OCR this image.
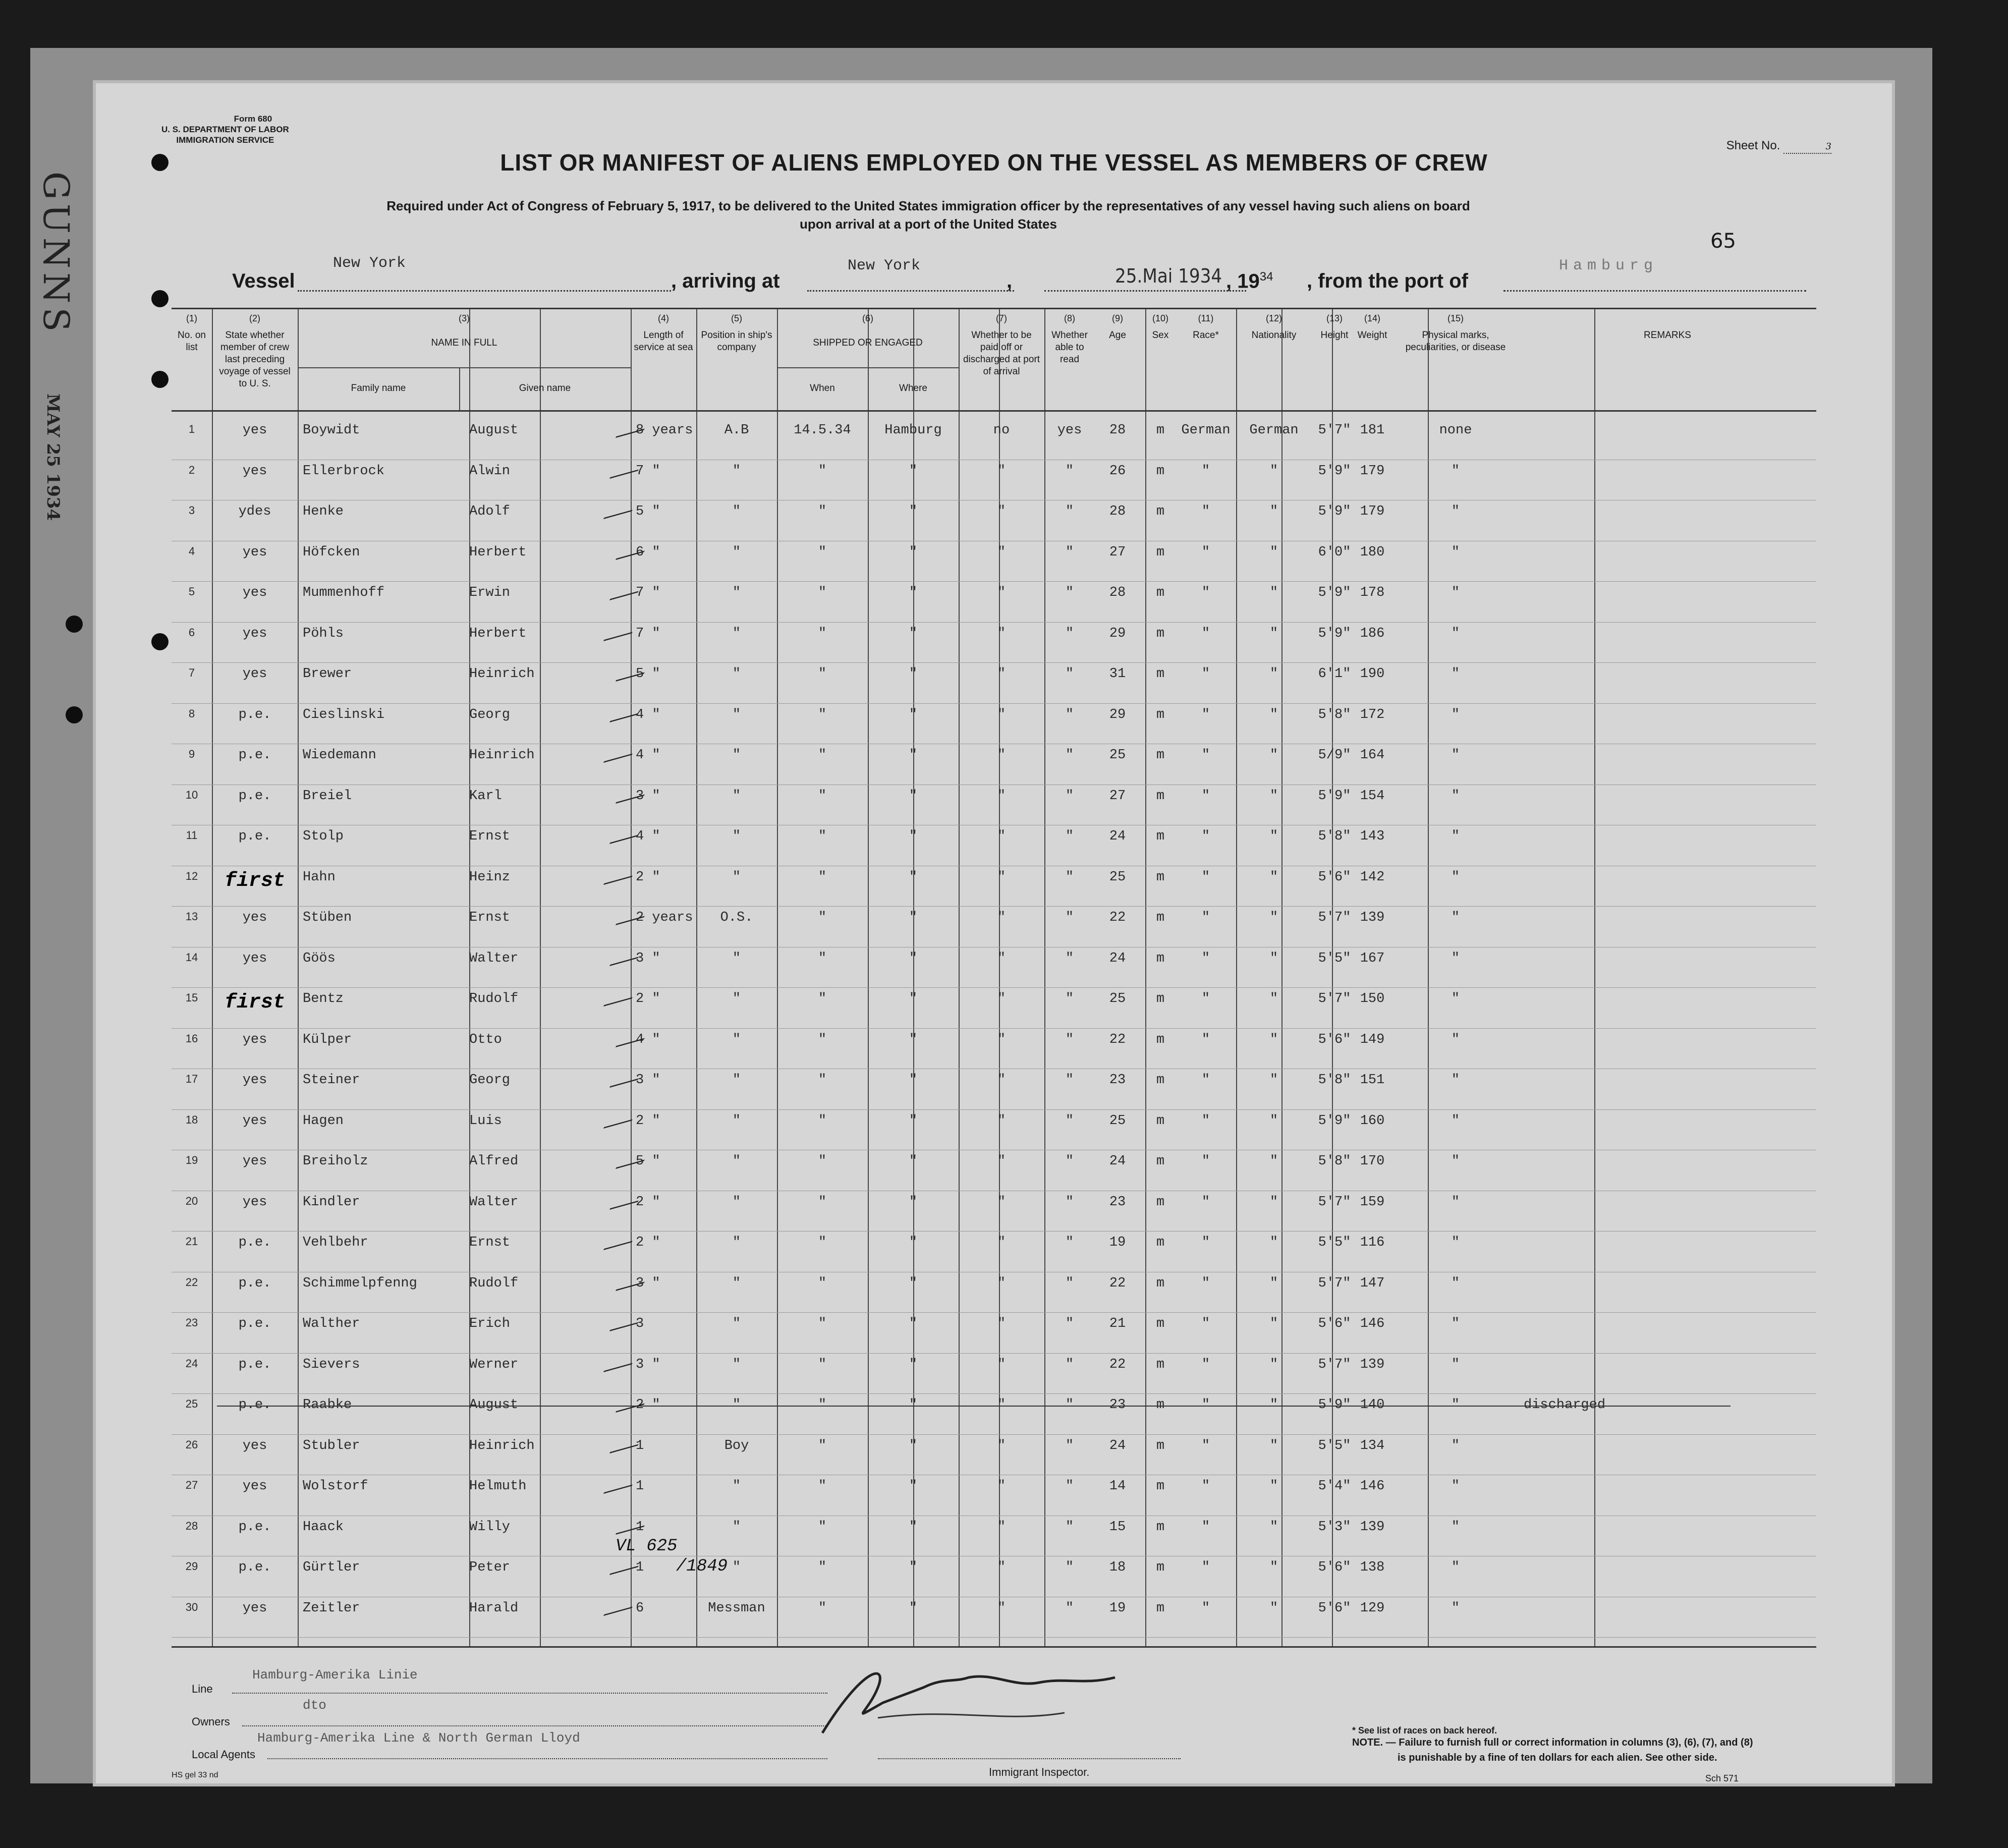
GUNNS
MAY 25 1934
Form 680
U. S. DEPARTMENT OF LABOR
IMMIGRATION SERVICE	Sheet No.	3
LIST OR MANIFEST OF ALIENS EMPLOYED ON THE VESSEL AS MEMBERS OF CREW
Required under Act of Congress of February 5, 1917, to be delivered to the United States immigration officer by the representatives of any vessel having such aliens on board
upon arrival at a port of the United States
65
Vessel
New York
, arriving at
New York
,	25.Mai 1934 , $19^{34}$ , from the port of
Hamburg
(1)
No. on list
(2)
State whether member of crew last preceding voyage of vessel to U. S.
(3)
NAME IN FULL
Family name	Given name
(4)
Length of service at sea
(5)
Position in ship's company
(6)
SHIPPED OR ENGAGED
When	Where
(7)
Whether to be paid off or discharged at port of arrival
(8)
Whether able to read
(9)
Age
(10)
Sex
(11)
Race*
(12)
Nationality
(13)
Height
(14)
Weight
(15)
Physical marks, peculiarities, or disease
REMARKS
1	yes	Boywidt	August	8 years	A.B	14.5.34	Hamburg	no	yes	28	m	German	German	5'7" 181	none
2	yes	Ellerbrock	Alwin	7 "	"	"	"	"	"	26	m	"	"	5'9" 179	"
3	ydes	Henke	Adolf	5 "	"	"	"	"	"	28	m	"	"	5'9" 179	"
4	yes	Höfcken	Herbert	6 "	"	"	"	"	"	27	m	"	"	6'0" 180	"
5	yes	Mummenhoff	Erwin	7 "	"	"	"	"	"	28	m	"	"	5'9" 178	"
6	yes	Pöhls	Herbert	7 "	"	"	"	"	"	29	m	"	"	5'9" 186	"
7	yes	Brewer	Heinrich	5 "	"	"	"	"	"	31	m	"	"	6'1" 190	"
8	p.e.	Cieslinski	Georg	4 "	"	"	"	"	"	29	m	"	"	5'8" 172	"
9	p.e.	Wiedemann	Heinrich	4 "	"	"	"	"	"	25	m	"	"	5/9" 164	"
10	p.e.	Breiel	Karl	3 "	"	"	"	"	"	27	m	"	"	5'9" 154	"
11	p.e.	Stolp	Ernst	4 "	"	"	"	"	"	24	m	"	"	5'8" 143	"
12	first	Hahn	Heinz	2 "	"	"	"	"	"	25	m	"	"	5'6" 142	"
13	yes	Stüben	Ernst	2 years	O.S.	"	"	"	"	22	m	"	"	5'7" 139	"
14	yes	Göös	Walter	3 "	"	"	"	"	"	24	m	"	"	5'5" 167	"
15	first	Bentz	Rudolf	2 "	"	"	"	"	"	25	m	"	"	5'7" 150	"
16	yes	Külper	Otto	4 "	"	"	"	"	"	22	m	"	"	5'6" 149	"
17	yes	Steiner	Georg	3 "	"	"	"	"	"	23	m	"	"	5'8" 151	"
18	yes	Hagen	Luis	2 "	"	"	"	"	"	25	m	"	"	5'9" 160	"
19	yes	Breiholz	Alfred	5 "	"	"	"	"	"	24	m	"	"	5'8" 170	"
20	yes	Kindler	Walter	2 "	"	"	"	"	"	23	m	"	"	5'7" 159	"
21	p.e.	Vehlbehr	Ernst	2 "	"	"	"	"	"	19	m	"	"	5'5" 116	"
22	p.e.	Schimmelpfenng	Rudolf	3 "	"	"	"	"	"	22	m	"	"	5'7" 147	"
23	p.e.	Walther	Erich	3	"	"	"	"	"	21	m	"	"	5'6" 146	"
24	p.e.	Sievers	Werner	3 "	"	"	"	"	"	22	m	"	"	5'7" 139	"
25	p.e.	Raabke	August	2 "	"	"	"	"	"	23	m	"	"	5'9" 140	"	discharged
26	yes	Stubler	Heinrich	1	Boy	"	"	"	"	24	m	"	"	5'5" 134	"
27	yes	Wolstorf	Helmuth	1	"	"	"	"	"	14	m	"	"	5'4" 146	"
28	p.e.	Haack	Willy	1	"	"	"	"	"	15	m	"	"	5'3" 139	"
29	p.e.	Gürtler	Peter	1	"	"	"	"	"	18	m	"	"	5'6" 138	"
30	yes	Zeitler	Harald	6	Messman	"	"	"	"	19	m	"	"	5'6" 129	"
VL 625
/1849
Line
Hamburg-Amerika Linie
Owners
dto
Local Agents
Hamburg-Amerika Line & North German Lloyd
Immigrant Inspector.
* See list of races on back hereof.
NOTE. — Failure to furnish full or correct information in columns (3), (6), (7), and (8)
is punishable by a fine of ten dollars for each alien. See other side.
HS gel 33 nd	Sch 571
